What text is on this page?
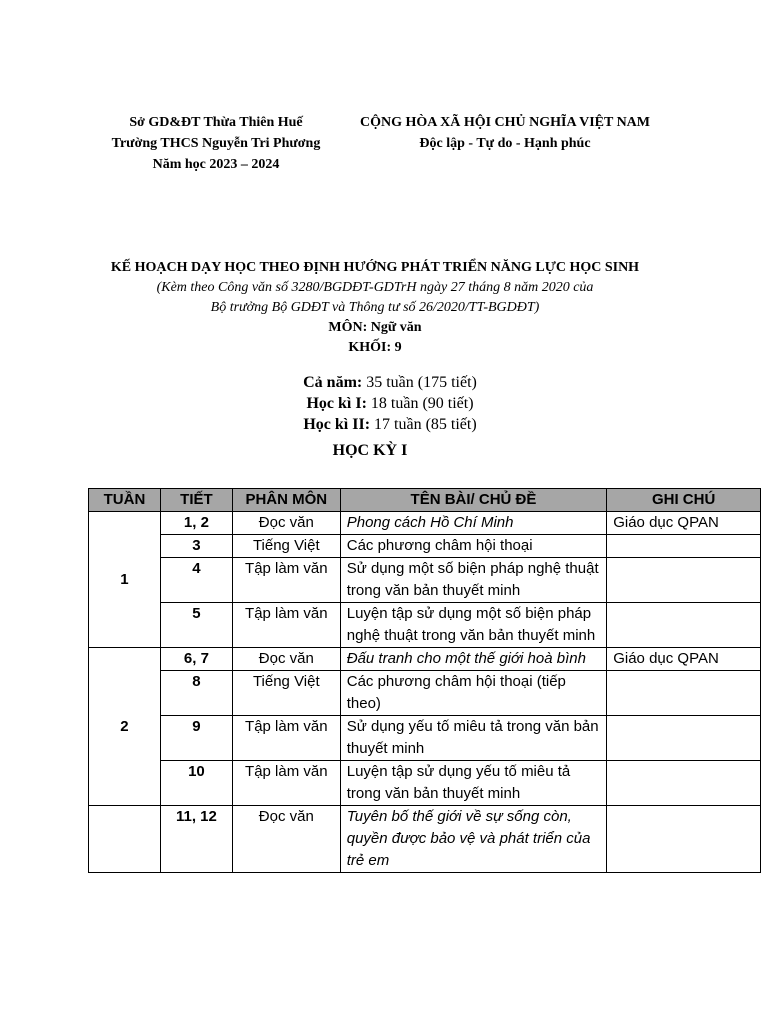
Sở GD&ĐT Thừa Thiên Huế
Trường THCS Nguyễn Tri Phương
Năm học 2023 – 2024
CỘNG HÒA XÃ HỘI CHỦ NGHĨA VIỆT NAM
Độc lập - Tự do - Hạnh phúc
KẾ HOẠCH DẠY HỌC THEO ĐỊNH HƯỚNG PHÁT TRIỂN NĂNG LỰC HỌC SINH
(Kèm theo Công văn số 3280/BGDĐT-GDTrH ngày 27 tháng 8 năm 2020 của
Bộ trưởng Bộ GDĐT và Thông tư số 26/2020/TT-BGDĐT)
MÔN: Ngữ văn
KHỐI: 9
Cả năm: 35 tuần (175 tiết)
Học kì I: 18 tuần (90 tiết)
Học kì II: 17 tuần (85 tiết)
HỌC KỲ I
TUẦN	TIẾT	PHÂN MÔN	TÊN BÀI/ CHỦ ĐỀ	GHI CHÚ
1	1, 2	Đọc văn	Phong cách Hồ Chí Minh	Giáo dục QPAN
	3	Tiếng Việt	Các phương châm hội thoại	
	4	Tập làm văn	Sử dụng một số biện pháp nghệ thuật trong văn bản thuyết minh	
	5	Tập làm văn	Luyện tập sử dụng một số biện pháp nghệ thuật trong văn bản thuyết minh	
2	6, 7	Đọc văn	Đấu tranh cho một thế giới hoà bình	Giáo dục QPAN
	8	Tiếng Việt	Các phương châm hội thoại (tiếp theo)	
	9	Tập làm văn	Sử dụng yếu tố miêu tả trong văn bản thuyết minh	
	10	Tập làm văn	Luyện tập sử dụng yếu tố miêu tả trong văn bản thuyết minh	
	11, 12	Đọc văn	Tuyên bố thế giới về sự sống còn, quyền được bảo vệ và phát triển của trẻ em	
